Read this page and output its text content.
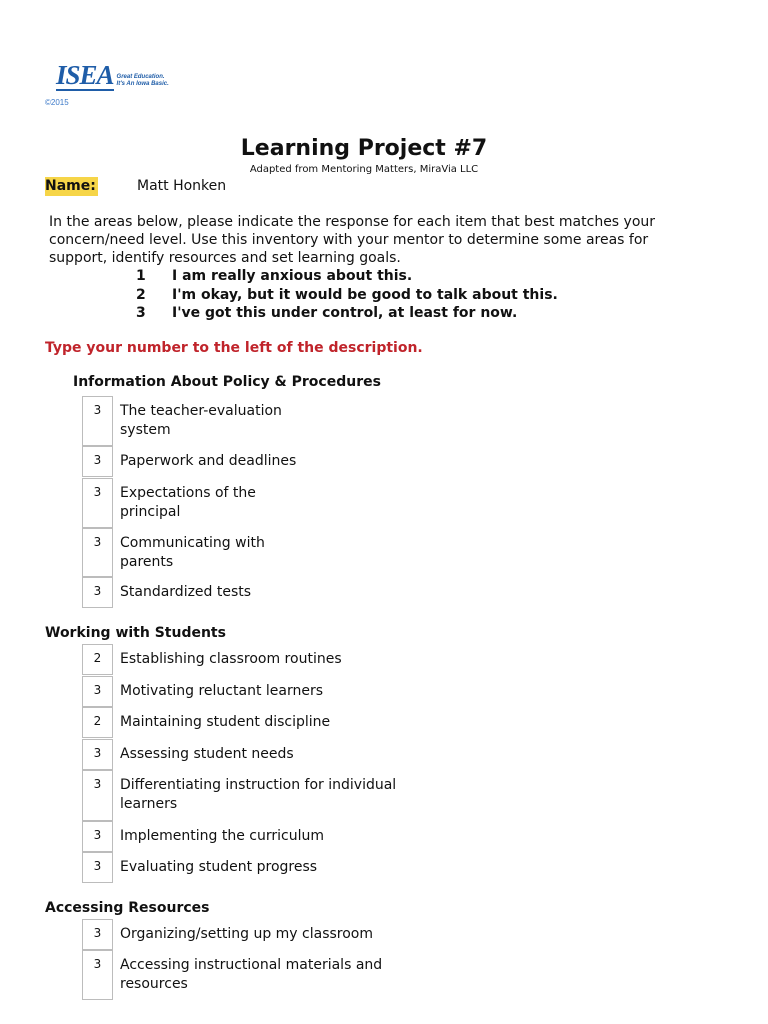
ISEA Great Education.
It's An Iowa Basic.
©2015
Learning Project #7
Adapted from Mentoring Matters, MiraVia LLC
Name:	Matt Honken
In the areas below, please indicate the response for each item that best matches your concern/need level. Use this inventory with your mentor to determine some areas for support, identify resources and set learning goals.
1	I am really anxious about this.
2	I'm okay, but it would be good to talk about this.
3	I've got this under control, at least for now.
Type your number to the left of the description.
Information About Policy & Procedures
3	The teacher-evaluation
system
3	Paperwork and deadlines
3	Expectations of the
principal
3	Communicating with
parents
3	Standardized tests
Working with Students
2	Establishing classroom routines
3	Motivating reluctant learners
2	Maintaining student discipline
3	Assessing student needs
3	Differentiating instruction for individual
learners
3	Implementing the curriculum
3	Evaluating student progress
Accessing Resources
3	Organizing/setting up my classroom
3	Accessing instructional materials and
resources
